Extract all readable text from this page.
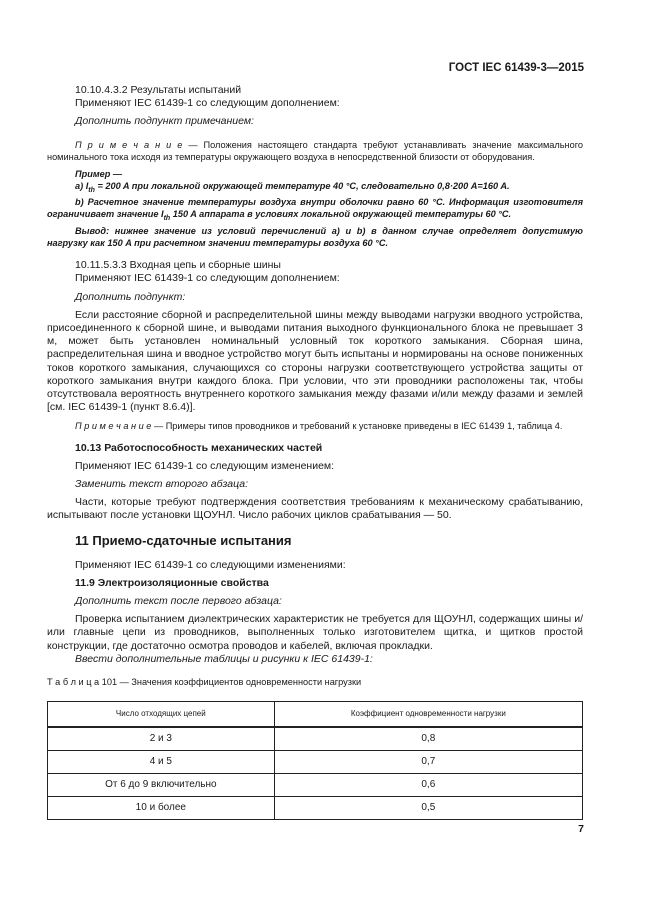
ГОСТ IEC 61439-3—2015

10.10.4.3.2 Результаты испытаний

Применяют IEC 61439-1 со следующим дополнением:

Дополнить подпункт примечанием:

П р и м е ч а н и е — Положения настоящего стандарта требуют устанавливать значение максимального номинального тока исходя из температуры окружающего воздуха в непосредственной близости от оборудования.

Пример —

a) $I_{th} = 200$ A при локальной окружающей температуре 40 °C, следовательно 0,8·200 A=160 A.

b) Расчетное значение температуры воздуха внутри оболочки равно 60 °C. Информация изготовителя ограничивает значение $I_{th}$ 150 A аппарата в условиях локальной окружающей температуры 60 °C.

Вывод: нижнее значение из условий перечислений a) и b) в данном случае определяет допустимую нагрузку как 150 A при расчетном значении температуры воздуха 60 °C.

10.11.5.3.3 Входная цепь и сборные шины

Применяют IEC 61439-1 со следующим дополнением:

Дополнить подпункт:

Если расстояние сборной и распределительной шины между выводами нагрузки вводного устройства, присоединенного к сборной шине, и выводами питания выходного функционального блока не превышает 3 м, может быть установлен номинальный условный ток короткого замыкания. Сборная шина, распределительная шина и вводное устройство могут быть испытаны и нормированы на основе пониженных токов короткого замыкания, случающихся со стороны нагрузки соответствующего устройства защиты от короткого замыкания внутри каждого блока. При условии, что эти проводники расположены так, чтобы отсутствовала вероятность внутреннего короткого замыкания между фазами и/или между фазами и землей [см. IEC 61439-1 (пункт 8.6.4)].

П р и м е ч а н и е — Примеры типов проводников и требований к установке приведены в IEC 61439 1, таблица 4.

10.13 Работоспособность механических частей

Применяют IEC 61439-1 со следующим изменением:

Заменить текст второго абзаца:

Части, которые требуют подтверждения соответствия требованиям к механическому срабатыванию, испытывают после установки ЩОУНЛ. Число рабочих циклов срабатывания — 50.

11 Приемо-сдаточные испытания

Применяют IEC 61439-1 со следующими изменениями:

11.9 Электроизоляционные свойства

Дополнить текст после первого абзаца:

Проверка испытанием диэлектрических характеристик не требуется для ЩОУНЛ, содержащих шины и/или главные цепи из проводников, выполненных только изготовителем щитка, и щитков простой конструкции, где достаточно осмотра проводов и кабелей, включая прокладки.

Ввести дополнительные таблицы и рисунки к IEC 61439-1:

Т а б л и ц а 101 — Значения коэффициентов одновременности нагрузки

Число отходящих цепей	Коэффициент одновременности нагрузки
2 и 3	0,8
4 и 5	0,7
От 6 до 9 включительно	0,6
10 и более	0,5
7
